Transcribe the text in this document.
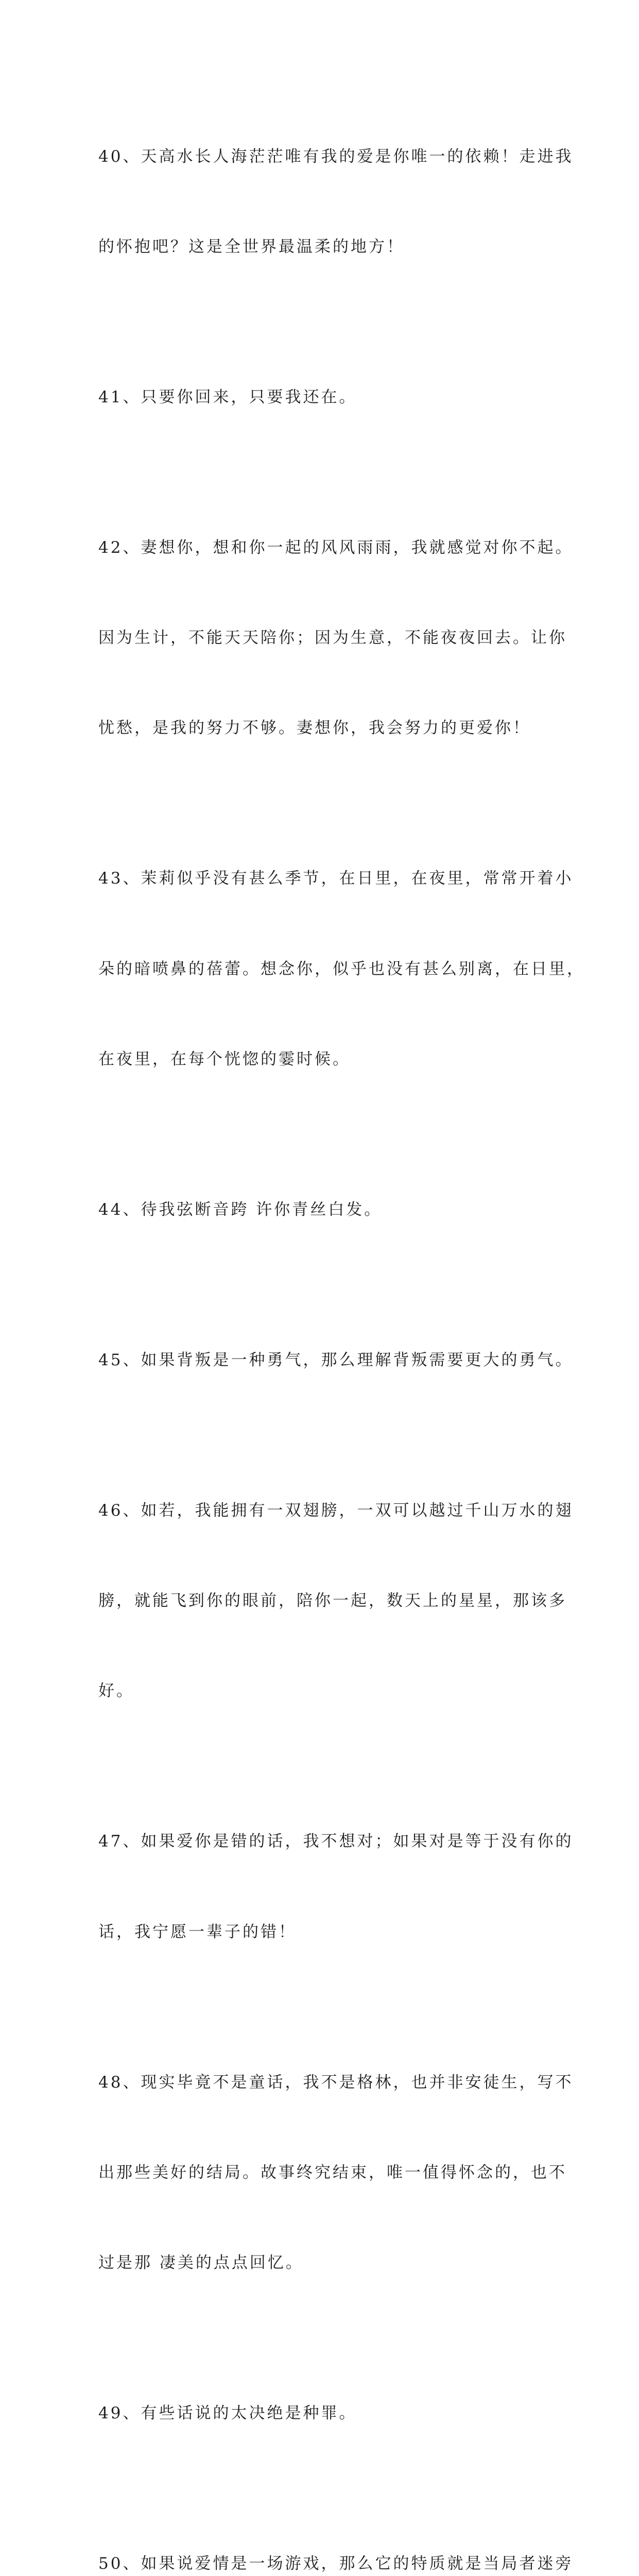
40、天高水长人海茫茫唯有我的爱是你唯一的依赖！走进我

的怀抱吧？这是全世界最温柔的地方！

41、只要你回来，只要我还在。

42、妻想你，想和你一起的风风雨雨，我就感觉对你不起。

因为生计，不能天天陪你；因为生意，不能夜夜回去。让你

忧愁，是我的努力不够。妻想你，我会努力的更爱你！

43、茉莉似乎没有甚么季节，在日里，在夜里，常常开着小

朵的暗喷鼻的蓓蕾。想念你，似乎也没有甚么别离，在日里，

在夜里，在每个恍惚的霎时候。

44、待我弦断音跨 许你青丝白发。

45、如果背叛是一种勇气，那么理解背叛需要更大的勇气。

46、如若，我能拥有一双翅膀，一双可以越过千山万水的翅

膀，就能飞到你的眼前，陪你一起，数天上的星星，那该多

好。

47、如果爱你是错的话，我不想对；如果对是等于没有你的

话，我宁愿一辈子的错！

48、现实毕竟不是童话，我不是格林，也并非安徒生，写不

出那些美好的结局。故事终究结束，唯一值得怀念的，也不

过是那 凄美的点点回忆。

49、有些话说的太决绝是种罪。

50、如果说爱情是一场游戏，那么它的特质就是当局者迷旁
